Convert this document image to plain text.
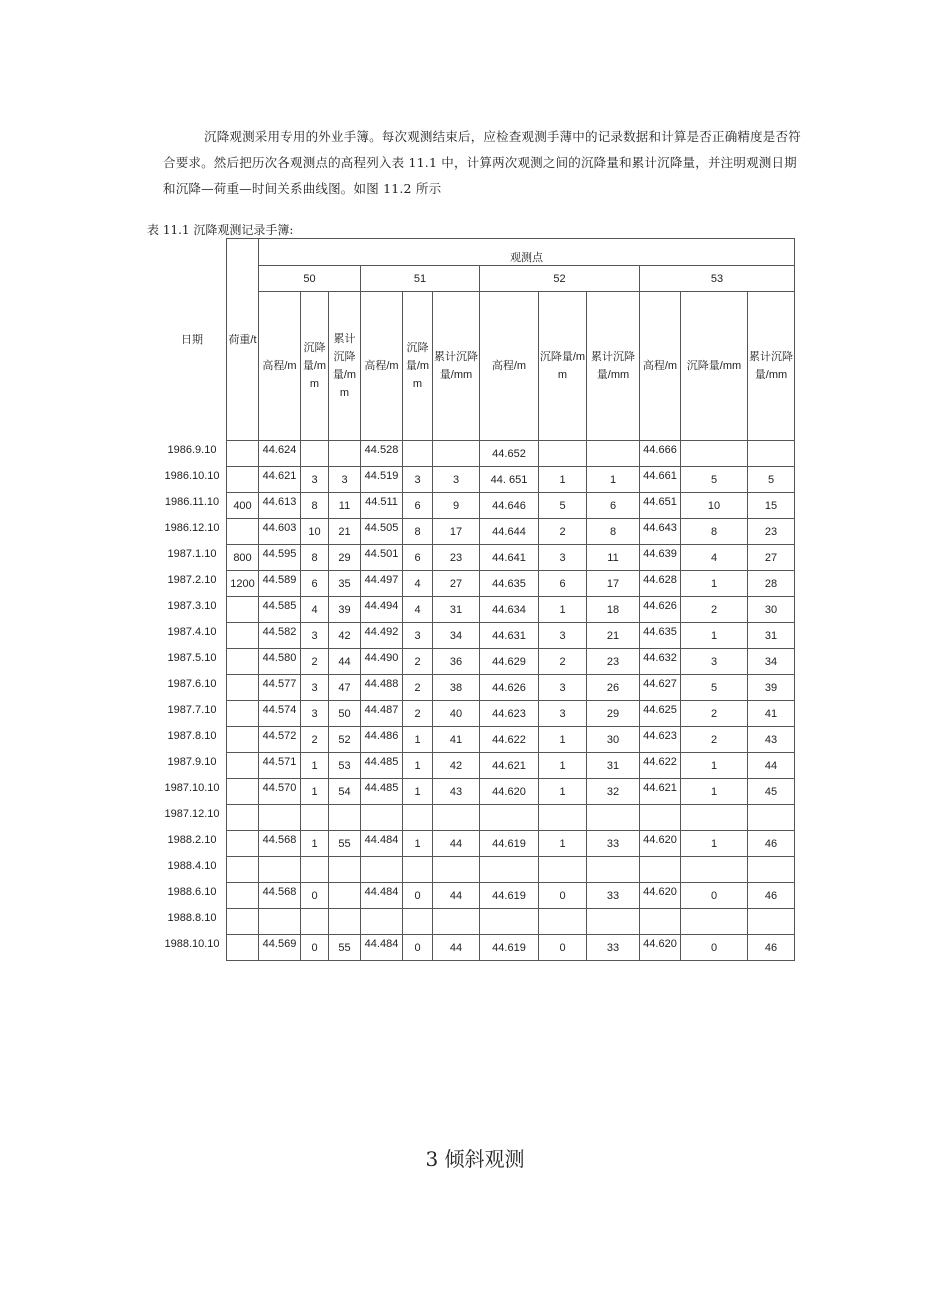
沉降观测采用专用的外业手簿。每次观测结束后，应检查观测手薄中的记录数据和计算是否正确精度是否符合要求。然后把历次各观测点的高程列入表 11.1 中，计算两次观测之间的沉降量和累计沉降量，并注明观测日期和沉降—荷重—时间关系曲线图。如图 11.2 所示

表 11.1 沉降观测记录手簿:
日期	荷重/t	观测点											
		50			51			52			53		
		高程/m	沉降量/mm	累计沉降量/mm	高程/m	沉降量/mm	累计沉降量/mm	高程/m	沉降量/mm	累计沉降量/mm	高程/m	沉降量/mm	累计沉降量/mm
1986.9.10		44.624			44.528			44.652			44.666		
1986.10.10		44.621	3	3	44.519	3	3	44. 651	1	1	44.661	5	5
1986.11.10	400	44.613	8	11	44.511	6	9	44.646	5	6	44.651	10	15
1986.12.10		44.603	10	21	44.505	8	17	44.644	2	8	44.643	8	23
1987.1.10	800	44.595	8	29	44.501	6	23	44.641	3	11	44.639	4	27
1987.2.10	1200	44.589	6	35	44.497	4	27	44.635	6	17	44.628	1	28
1987.3.10		44.585	4	39	44.494	4	31	44.634	1	18	44.626	2	30
1987.4.10		44.582	3	42	44.492	3	34	44.631	3	21	44.635	1	31
1987.5.10		44.580	2	44	44.490	2	36	44.629	2	23	44.632	3	34
1987.6.10		44.577	3	47	44.488	2	38	44.626	3	26	44.627	5	39
1987.7.10		44.574	3	50	44.487	2	40	44.623	3	29	44.625	2	41
1987.8.10		44.572	2	52	44.486	1	41	44.622	1	30	44.623	2	43
1987.9.10		44.571	1	53	44.485	1	42	44.621	1	31	44.622	1	44
1987.10.10		44.570	1	54	44.485	1	43	44.620	1	32	44.621	1	45
1987.12.10													
1988.2.10		44.568	1	55	44.484	1	44	44.619	1	33	44.620	1	46
1988.4.10													
1988.6.10		44.568	0		44.484	0	44	44.619	0	33	44.620	0	46
1988.8.10													
1988.10.10		44.569	0	55	44.484	0	44	44.619	0	33	44.620	0	46
3 倾斜观测
